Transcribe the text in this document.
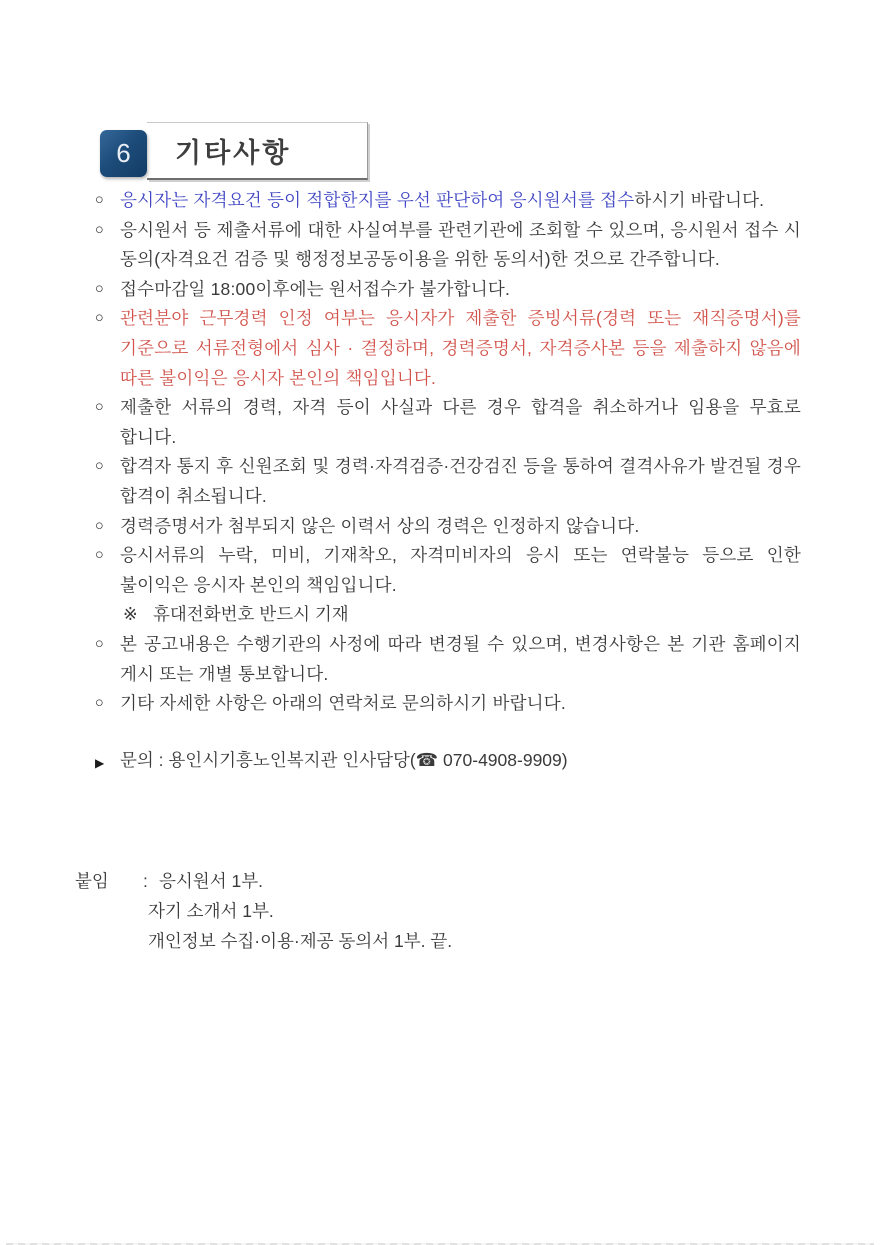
6 기타사항
○ 응시자는 자격요건 등이 적합한지를 우선 판단하여 응시원서를 접수하시기 바랍니다.
○ 응시원서 등 제출서류에 대한 사실여부를 관련기관에 조회할 수 있으며, 응시원서 접수 시 동의(자격요건 검증 및 행정정보공동이용을 위한 동의서)한 것으로 간주합니다.
○ 접수마감일 18:00이후에는 원서접수가 불가합니다.
○ 관련분야 근무경력 인정 여부는 응시자가 제출한 증빙서류(경력 또는 재직증명서)를 기준으로 서류전형에서 심사 · 결정하며, 경력증명서, 자격증사본 등을 제출하지 않음에 따른 불이익은 응시자 본인의 책임입니다.
○ 제출한 서류의 경력, 자격 등이 사실과 다른 경우 합격을 취소하거나 임용을 무효로 합니다.
○ 합격자 통지 후 신원조회 및 경력·자격검증·건강검진 등을 통하여 결격사유가 발견될 경우 합격이 취소됩니다.
○ 경력증명서가 첨부되지 않은 이력서 상의 경력은 인정하지 않습니다.
○ 응시서류의 누락, 미비, 기재착오, 자격미비자의 응시 또는 연락불능 등으로 인한 불이익은 응시자 본인의 책임입니다.
※ 휴대전화번호 반드시 기재
○ 본 공고내용은 수행기관의 사정에 따라 변경될 수 있으며, 변경사항은 본 기관 홈페이지 게시 또는 개별 통보합니다.
○ 기타 자세한 사항은 아래의 연락처로 문의하시기 바랍니다.
▶ 문의 : 용인시기흥노인복지관 인사담당(☎ 070-4908-9909)
붙임	: 응시원서 1부.
자기 소개서 1부.
개인정보 수집·이용·제공 동의서 1부. 끝.
